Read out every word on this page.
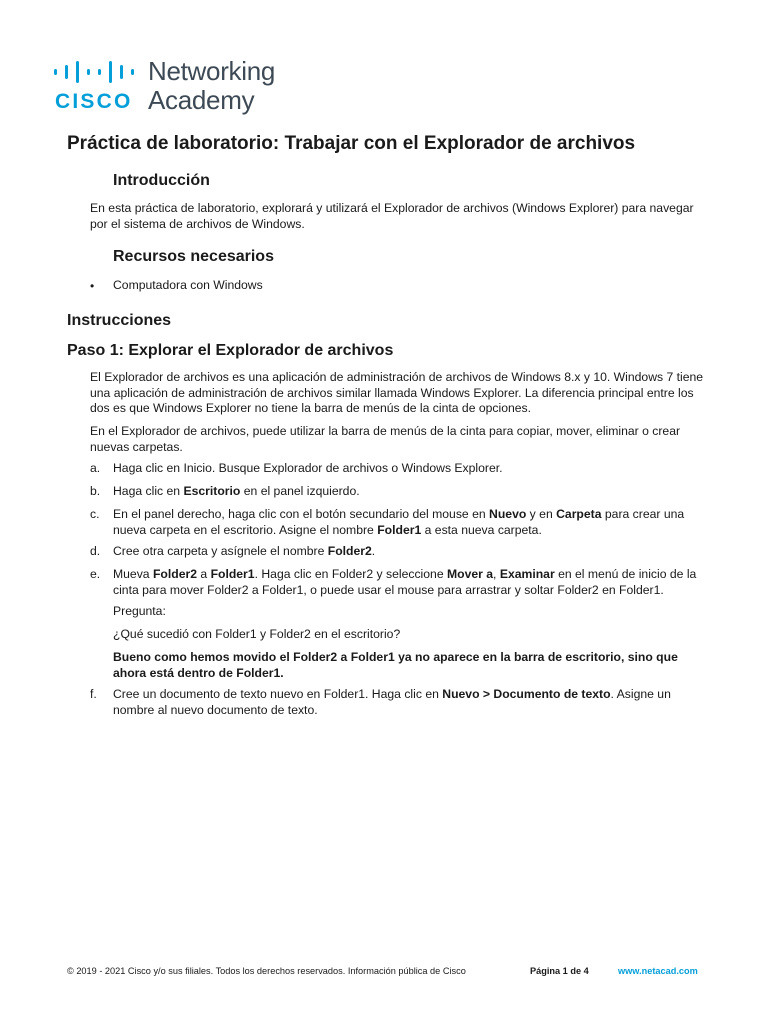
CISCO
Networking
Academy
Práctica de laboratorio: Trabajar con el Explorador de archivos
Introducción

En esta práctica de laboratorio, explorará y utilizará el Explorador de archivos (Windows Explorer) para navegar por el sistema de archivos de Windows.

Recursos necesarios
• Computadora con Windows
Instrucciones
Paso 1: Explorar el Explorador de archivos

El Explorador de archivos es una aplicación de administración de archivos de Windows 8.x y 10. Windows 7 tiene una aplicación de administración de archivos similar llamada Windows Explorer. La diferencia principal entre los dos es que Windows Explorer no tiene la barra de menús de la cinta de opciones.

En el Explorador de archivos, puede utilizar la barra de menús de la cinta para copiar, mover, eliminar o crear nuevas carpetas.

a. Haga clic en Inicio. Busque Explorador de archivos o Windows Explorer.
b. Haga clic en Escritorio en el panel izquierdo.
c. En el panel derecho, haga clic con el botón secundario del mouse en Nuevo y en Carpeta para crear una nueva carpeta en el escritorio. Asigne el nombre Folder1 a esta nueva carpeta.
d. Cree otra carpeta y asígnele el nombre Folder2.
e. Mueva Folder2 a Folder1. Haga clic en Folder2 y seleccione Mover a, Examinar en el menú de inicio de la cinta para mover Folder2 a Folder1, o puede usar el mouse para arrastrar y soltar Folder2 en Folder1.

Pregunta:

¿Qué sucedió con Folder1 y Folder2 en el escritorio?

Bueno como hemos movido el Folder2 a Folder1 ya no aparece en la barra de escritorio, sino que ahora está dentro de Folder1.

f. Cree un documento de texto nuevo en Folder1. Haga clic en Nuevo > Documento de texto. Asigne un nombre al nuevo documento de texto.
© 2019 - 2021 Cisco y/o sus filiales. Todos los derechos reservados. Información pública de Cisco	Página 1 de 4	www.netacad.com
